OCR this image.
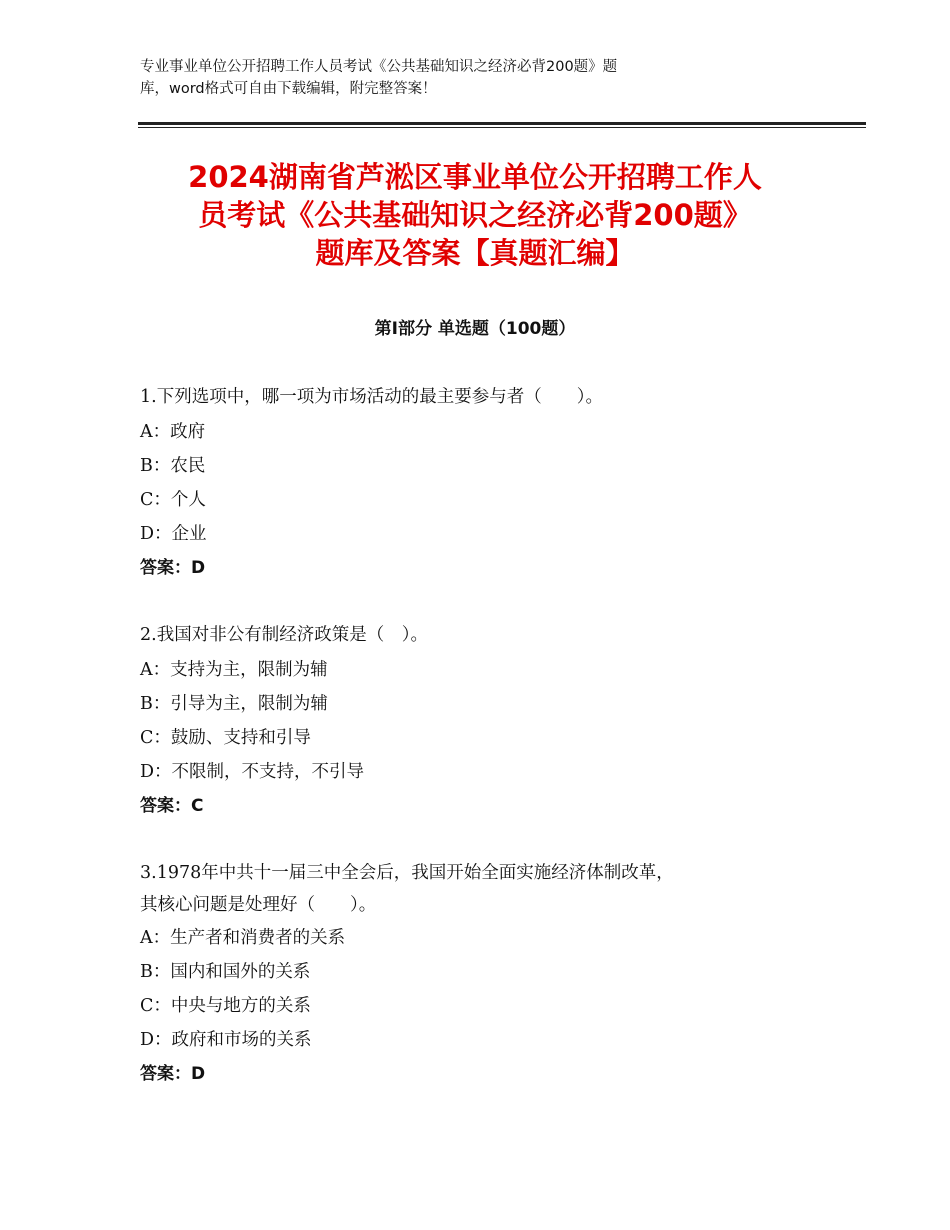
专业事业单位公开招聘工作人员考试《公共基础知识之经济必背200题》题
库，word格式可自由下载编辑，附完整答案！
2024湖南省芦淞区事业单位公开招聘工作人
员考试《公共基础知识之经济必背200题》
题库及答案【真题汇编】
第Ⅰ部分 单选题（100题）
1.下列选项中，哪一项为市场活动的最主要参与者（　　）。
A：政府
B：农民
C：个人
D：企业
答案：D
2.我国对非公有制经济政策是（　）。
A：支持为主，限制为辅
B：引导为主，限制为辅
C：鼓励、支持和引导
D：不限制，不支持，不引导
答案：C
3.1978年中共十一届三中全会后，我国开始全面实施经济体制改革，
其核心问题是处理好（　　）。
A：生产者和消费者的关系
B：国内和国外的关系
C：中央与地方的关系
D：政府和市场的关系
答案：D
